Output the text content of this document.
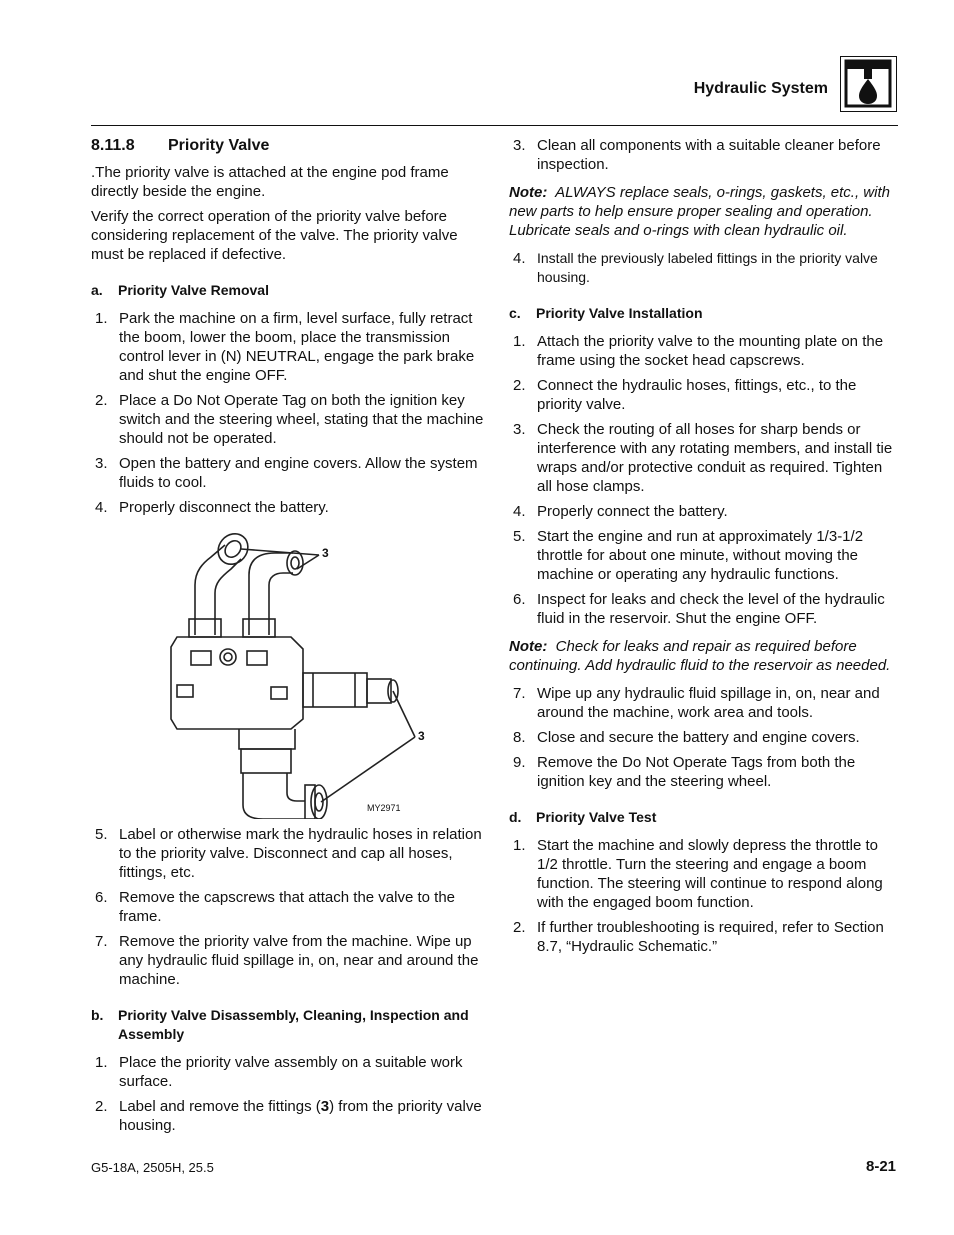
Hydraulic System
8.11.8	Priority Valve

.The priority valve is attached at the engine pod frame directly beside the engine.

Verify the correct operation of the priority valve before considering replacement of the valve. The priority valve must be replaced if defective.

a.	Priority Valve Removal
1. Park the machine on a firm, level surface, fully retract the boom, lower the boom, place the transmission control lever in (N) NEUTRAL, engage the park brake and shut the engine OFF.
2. Place a Do Not Operate Tag on both the ignition key switch and the steering wheel, stating that the machine should not be operated.
3. Open the battery and engine covers. Allow the system fluids to cool.
4. Properly disconnect the battery.
3
3
MY2971
5. Label or otherwise mark the hydraulic hoses in relation to the priority valve. Disconnect and cap all hoses, fittings, etc.
6. Remove the capscrews that attach the valve to the frame.
7. Remove the priority valve from the machine. Wipe up any hydraulic fluid spillage in, on, near and around the machine.
b.	Priority Valve Disassembly, Cleaning, Inspection and Assembly
1. Place the priority valve assembly on a suitable work surface.
2. Label and remove the fittings (3) from the priority valve housing.
3. Clean all components with a suitable cleaner before inspection.
Note: ALWAYS replace seals, o-rings, gaskets, etc., with new parts to help ensure proper sealing and operation. Lubricate seals and o-rings with clean hydraulic oil.
4. Install the previously labeled fittings in the priority valve housing.
c.	Priority Valve Installation
1. Attach the priority valve to the mounting plate on the frame using the socket head capscrews.
2. Connect the hydraulic hoses, fittings, etc., to the priority valve.
3. Check the routing of all hoses for sharp bends or interference with any rotating members, and install tie wraps and/or protective conduit as required. Tighten all hose clamps.
4. Properly connect the battery.
5. Start the engine and run at approximately 1/3-1/2 throttle for about one minute, without moving the machine or operating any hydraulic functions.
6. Inspect for leaks and check the level of the hydraulic fluid in the reservoir. Shut the engine OFF.
Note: Check for leaks and repair as required before continuing. Add hydraulic fluid to the reservoir as needed.
7. Wipe up any hydraulic fluid spillage in, on, near and around the machine, work area and tools.
8. Close and secure the battery and engine covers.
9. Remove the Do Not Operate Tags from both the ignition key and the steering wheel.
d.	Priority Valve Test
1. Start the machine and slowly depress the throttle to 1/2 throttle. Turn the steering and engage a boom function. The steering will continue to respond along with the engaged boom function.
2. If further troubleshooting is required, refer to Section 8.7, “Hydraulic Schematic.”
G5-18A, 2505H, 25.5	8-21
